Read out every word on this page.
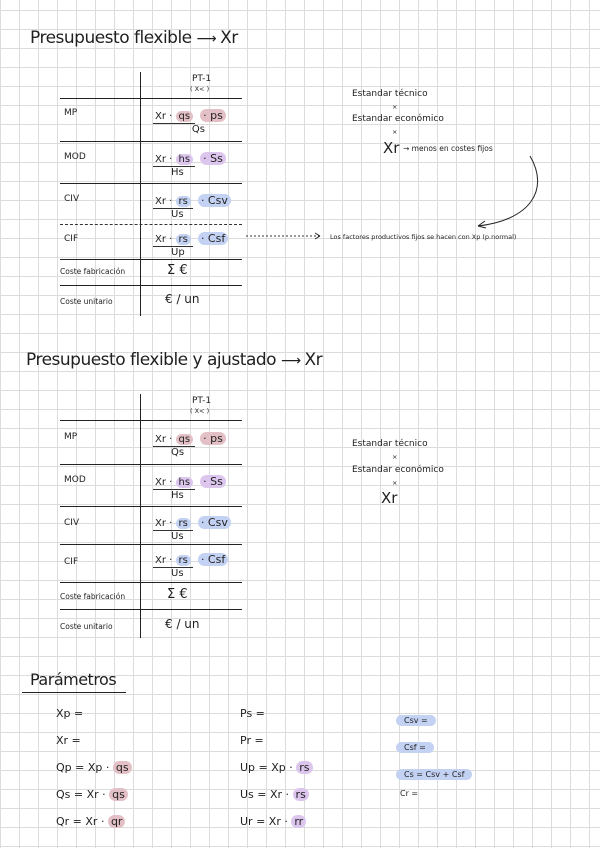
Presupuesto flexible ⟶ Xr
PT-1
( X< )
MP	Xr · qs · ps
Qs
MOD	Xr · hs · Ss
Hs
CIV	Xr · rs · Csv
Us
CIF	Xr · rs · Csf
Up
Coste fabricación	Σ €
Coste unitario	€ / un
Estandar técnico
×
Estandar económico
×
Xr → menos en costes fijos
Los factores productivos fijos se hacen con Xp (p.normal)
Presupuesto flexible y ajustado ⟶ Xr
PT-1
( X< )
MP	Xr · qs · ps
Qs
MOD	Xr · hs · Ss
Hs
CIV	Xr · rs · Csv
Us
CIF	Xr · rs · Csf
Us
Coste fabricación	Σ €
Coste unitario	€ / un
Estandar técnico
×
Estandar económico
×
Xr
Parámetros
Xp =
Xr =
Qp = Xp · qs
Qs = Xr · qs
Qr = Xr · qr
Ps =
Pr =
Up = Xp · rs
Us = Xr · rs
Ur = Xr · rr
Csv =
Csf =
Cs = Csv + Csf
Cr =
